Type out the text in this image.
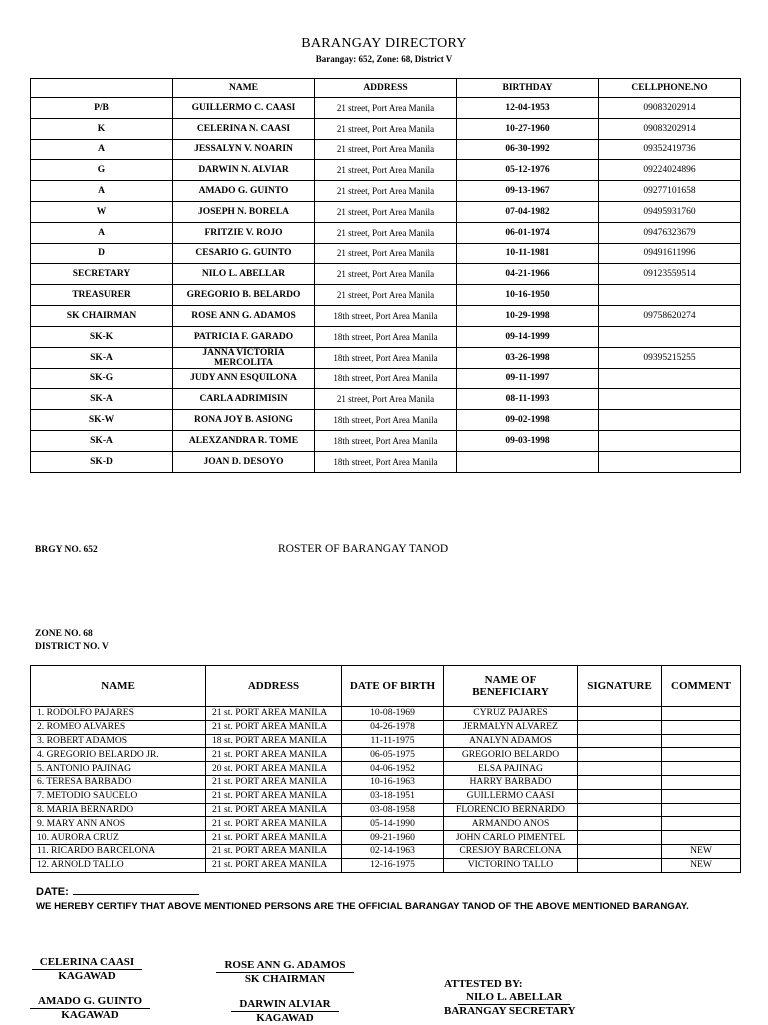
BARANGAY DIRECTORY
Barangay: 652, Zone: 68, District V
	NAME	ADDRESS	BIRTHDAY	CELLPHONE.NO
P/B	GUILLERMO C. CAASI	21 street, Port Area Manila	12-04-1953	09083202914
K	CELERINA N. CAASI	21 street, Port Area Manila	10-27-1960	09083202914
A	JESSALYN V. NOARIN	21 street, Port Area Manila	06-30-1992	09352419736
G	DARWIN N. ALVIAR	21 street, Port Area Manila	05-12-1976	09224024896
A	AMADO G. GUINTO	21 street, Port Area Manila	09-13-1967	09277101658
W	JOSEPH N. BORELA	21 street, Port Area Manila	07-04-1982	09495931760
A	FRITZIE V. ROJO	21 street, Port Area Manila	06-01-1974	09476323679
D	CESARIO G. GUINTO	21 street, Port Area Manila	10-11-1981	09491611996
SECRETARY	NILO L. ABELLAR	21 street, Port Area Manila	04-21-1966	09123559514
TREASURER	GREGORIO B. BELARDO	21 street, Port Area Manila	10-16-1950	
SK CHAIRMAN	ROSE ANN G. ADAMOS	18th street, Port Area Manila	10-29-1998	09758620274
SK-K	PATRICIA F. GARADO	18th street, Port Area Manila	09-14-1999	
SK-A	JANNA VICTORIA MERCOLITA	18th street, Port Area Manila	03-26-1998	09395215255
SK-G	JUDY ANN ESQUILONA	18th street, Port Area Manila	09-11-1997	
SK-A	CARLA ADRIMISIN	21 street, Port Area Manila	08-11-1993	
SK-W	RONA JOY B. ASIONG	18th street, Port Area Manila	09-02-1998	
SK-A	ALEXZANDRA R. TOME	18th street, Port Area Manila	09-03-1998	
SK-D	JOAN D. DESOYO	18th street, Port Area Manila		
BRGY NO. 652	ROSTER OF BARANGAY TANOD
ZONE NO. 68
DISTRICT NO. V
NAME	ADDRESS	DATE OF BIRTH	NAME OF BENEFICIARY	SIGNATURE	COMMENT
1. RODOLFO PAJARES	21 st. PORT AREA MANILA	10-08-1969	CYRUZ PAJARES		
2. ROMEO ALVARES	21 st. PORT AREA MANILA	04-26-1978	JERMALYN ALVAREZ		
3. ROBERT ADAMOS	18 st. PORT AREA MANILA	11-11-1975	ANALYN ADAMOS		
4. GREGORIO BELARDO JR.	21 st. PORT AREA MANILA	06-05-1975	GREGORIO BELARDO		
5. ANTONIO PAJINAG	20 st. PORT AREA MANILA	04-06-1952	ELSA PAJINAG		
6. TERESA BARBADO	21 st. PORT AREA MANILA	10-16-1963	HARRY BARBADO		
7. METODIO SAUCELO	21 st. PORT AREA MANILA	03-18-1951	GUILLERMO CAASI		
8. MARIA BERNARDO	21 st. PORT AREA MANILA	03-08-1958	FLORENCIO BERNARDO		
9. MARY ANN ANOS	21 st. PORT AREA MANILA	05-14-1990	ARMANDO ANOS		
10. AURORA CRUZ	21 st. PORT AREA MANILA	09-21-1960	JOHN CARLO PIMENTEL		
11. RICARDO BARCELONA	21 st. PORT AREA MANILA	02-14-1963	CRESJOY BARCELONA		NEW
12. ARNOLD TALLO	21 st. PORT AREA MANILA	12-16-1975	VICTORINO TALLO		NEW
DATE:
WE HEREBY CERTIFY THAT ABOVE MENTIONED PERSONS ARE THE OFFICIAL BARANGAY TANOD OF THE ABOVE MENTIONED BARANGAY.
CELERINA CAASI
KAGAWAD
AMADO G. GUINTO
KAGAWAD
ROSE ANN G. ADAMOS
SK CHAIRMAN
DARWIN ALVIAR
KAGAWAD
ATTESTED BY:
NILO L. ABELLAR
BARANGAY SECRETARY
